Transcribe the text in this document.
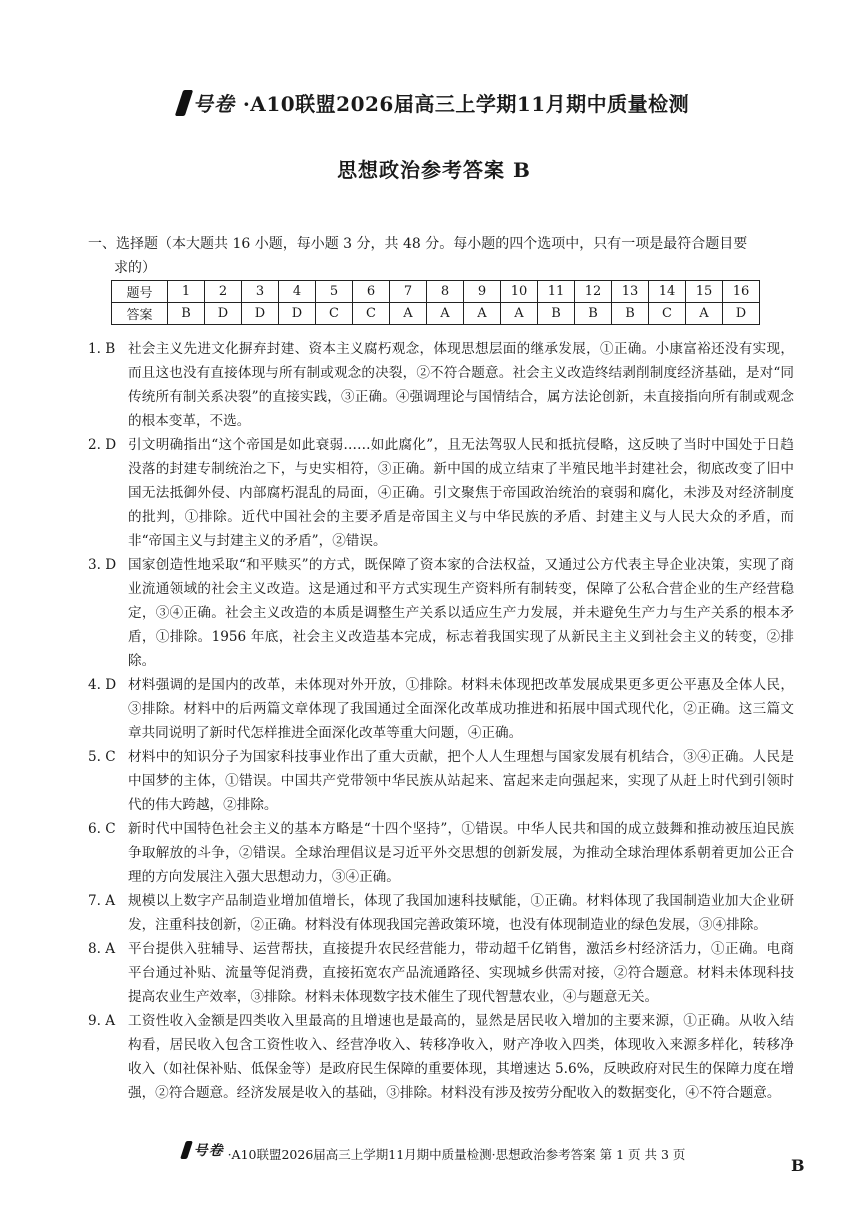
号卷 ·A10联盟2026届高三上学期11月期中质量检测
思想政治参考答案 B
一、选择题（本大题共 16 小题，每小题 3 分，共 48 分。每小题的四个选项中，只有一项是最符合题目要
求的）
题号	1	2	3	4	5	6	7	8	9	10	11	12	13	14	15	16
答案	B	D	D	D	C	C	A	A	A	A	B	B	B	C	A	D
1. B 社会主义先进文化摒弃封建、资本主义腐朽观念，体现思想层面的继承发展，①正确。小康富裕还没有实现，而且这也没有直接体现与所有制或观念的决裂，②不符合题意。社会主义改造终结剥削制度经济基础，是对“同传统所有制关系决裂”的直接实践，③正确。④强调理论与国情结合，属方法论创新，未直接指向所有制或观念的根本变革，不选。
2. D 引文明确指出“这个帝国是如此衰弱……如此腐化”，且无法驾驭人民和抵抗侵略，这反映了当时中国处于日趋没落的封建专制统治之下，与史实相符，③正确。新中国的成立结束了半殖民地半封建社会，彻底改变了旧中国无法抵御外侵、内部腐朽混乱的局面，④正确。引文聚焦于帝国政治统治的衰弱和腐化，未涉及对经济制度的批判，①排除。近代中国社会的主要矛盾是帝国主义与中华民族的矛盾、封建主义与人民大众的矛盾，而非“帝国主义与封建主义的矛盾”，②错误。
3. D 国家创造性地采取“和平赎买”的方式，既保障了资本家的合法权益，又通过公方代表主导企业决策，实现了商业流通领域的社会主义改造。这是通过和平方式实现生产资料所有制转变，保障了公私合营企业的生产经营稳定，③④正确。社会主义改造的本质是调整生产关系以适应生产力发展，并未避免生产力与生产关系的根本矛盾，①排除。1956 年底，社会主义改造基本完成，标志着我国实现了从新民主主义到社会主义的转变，②排除。
4. D 材料强调的是国内的改革，未体现对外开放，①排除。材料未体现把改革发展成果更多更公平惠及全体人民，③排除。材料中的后两篇文章体现了我国通过全面深化改革成功推进和拓展中国式现代化，②正确。这三篇文章共同说明了新时代怎样推进全面深化改革等重大问题，④正确。
5. C 材料中的知识分子为国家科技事业作出了重大贡献，把个人人生理想与国家发展有机结合，③④正确。人民是中国梦的主体，①错误。中国共产党带领中华民族从站起来、富起来走向强起来，实现了从赶上时代到引领时代的伟大跨越，②排除。
6. C 新时代中国特色社会主义的基本方略是“十四个坚持”，①错误。中华人民共和国的成立鼓舞和推动被压迫民族争取解放的斗争，②错误。全球治理倡议是习近平外交思想的创新发展，为推动全球治理体系朝着更加公正合理的方向发展注入强大思想动力，③④正确。
7. A 规模以上数字产品制造业增加值增长，体现了我国加速科技赋能，①正确。材料体现了我国制造业加大企业研发，注重科技创新，②正确。材料没有体现我国完善政策环境，也没有体现制造业的绿色发展，③④排除。
8. A 平台提供入驻辅导、运营帮扶，直接提升农民经营能力，带动超千亿销售，激活乡村经济活力，①正确。电商平台通过补贴、流量等促消费，直接拓宽农产品流通路径、实现城乡供需对接，②符合题意。材料未体现科技提高农业生产效率，③排除。材料未体现数字技术催生了现代智慧农业，④与题意无关。
9. A 工资性收入金额是四类收入里最高的且增速也是最高的，显然是居民收入增加的主要来源，①正确。从收入结构看，居民收入包含工资性收入、经营净收入、转移净收入，财产净收入四类，体现收入来源多样化，转移净收入（如社保补贴、低保金等）是政府民生保障的重要体现，其增速达 5.6%，反映政府对民生的保障力度在增强，②符合题意。经济发展是收入的基础，③排除。材料没有涉及按劳分配收入的数据变化，④不符合题意。
号卷 ·A10联盟2026届高三上学期11月期中质量检测·思想政治参考答案 第 1 页 共 3 页
B
